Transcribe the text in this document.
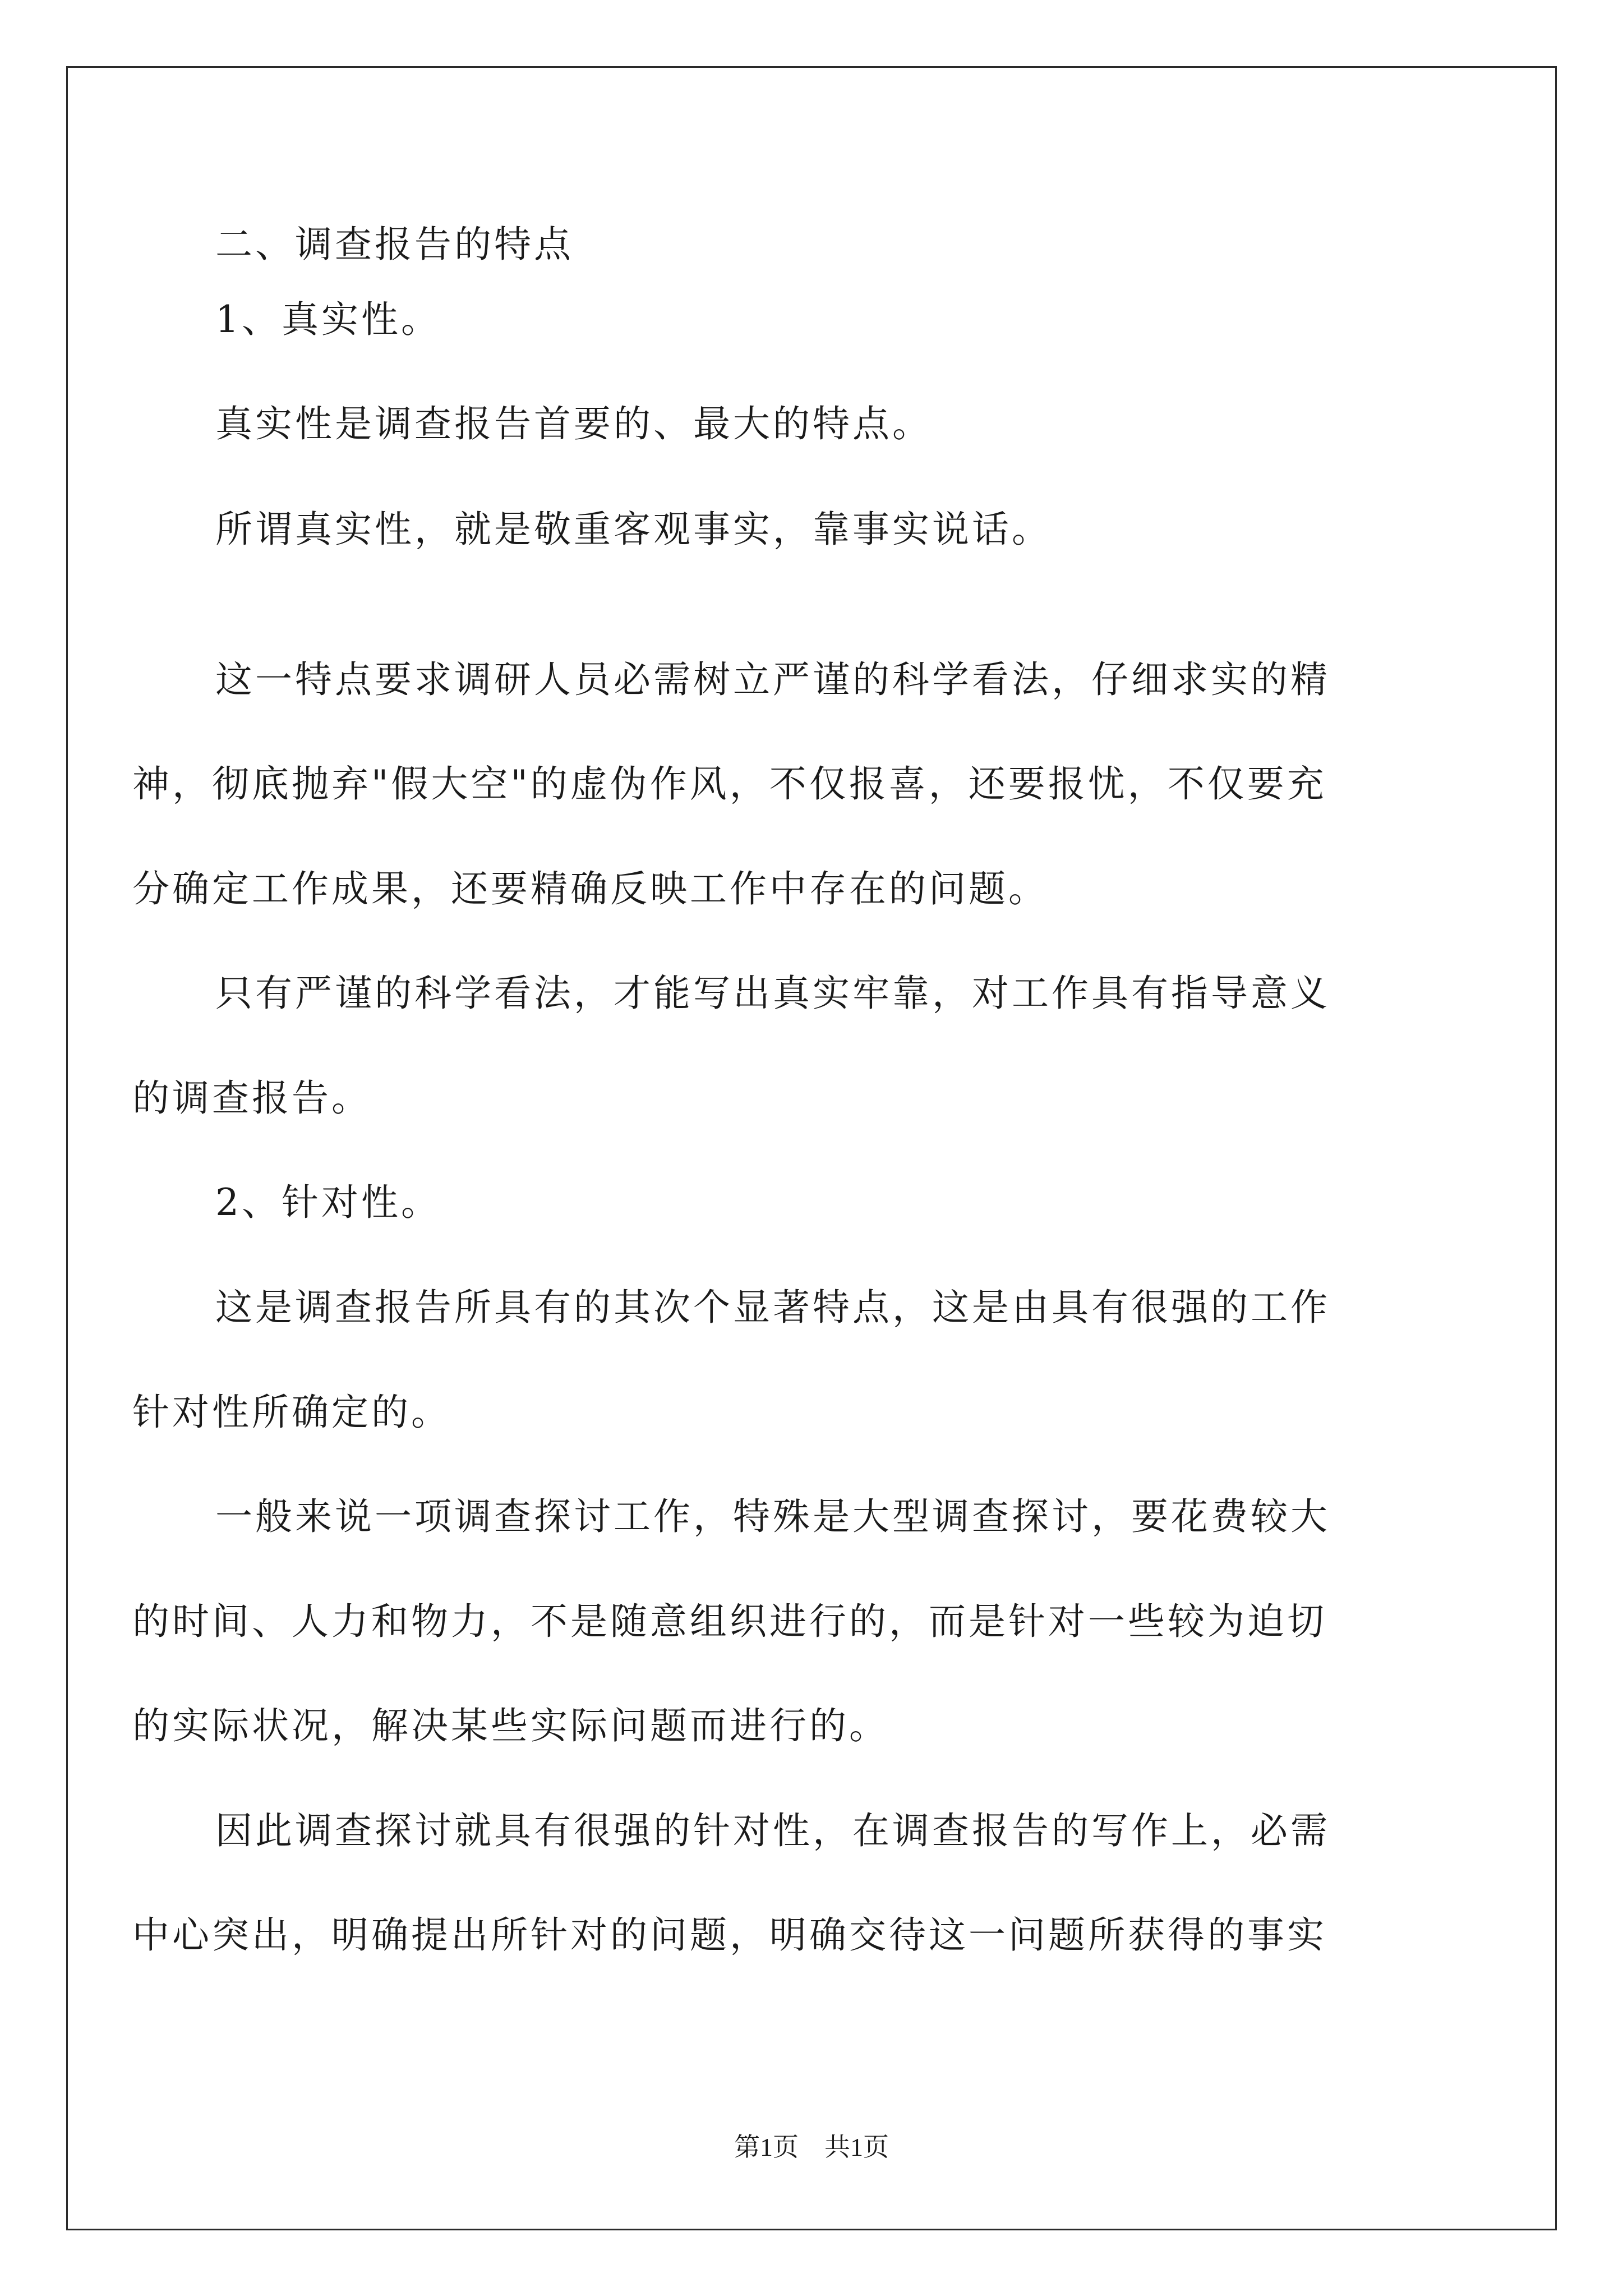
二、调查报告的特点
1、真实性。
真实性是调查报告首要的、最大的特点。
所谓真实性，就是敬重客观事实，靠事实说话。
这一特点要求调研人员必需树立严谨的科学看法，仔细求实的精
神，彻底抛弃"假大空"的虚伪作风，不仅报喜，还要报忧，不仅要充
分确定工作成果，还要精确反映工作中存在的问题。
只有严谨的科学看法，才能写出真实牢靠，对工作具有指导意义
的调查报告。
2、针对性。
这是调查报告所具有的其次个显著特点，这是由具有很强的工作
针对性所确定的。
一般来说一项调查探讨工作，特殊是大型调查探讨，要花费较大
的时间、人力和物力，不是随意组织进行的，而是针对一些较为迫切
的实际状况，解决某些实际问题而进行的。
因此调查探讨就具有很强的针对性，在调查报告的写作上，必需
中心突出，明确提出所针对的问题，明确交待这一问题所获得的事实
第1页　共1页
